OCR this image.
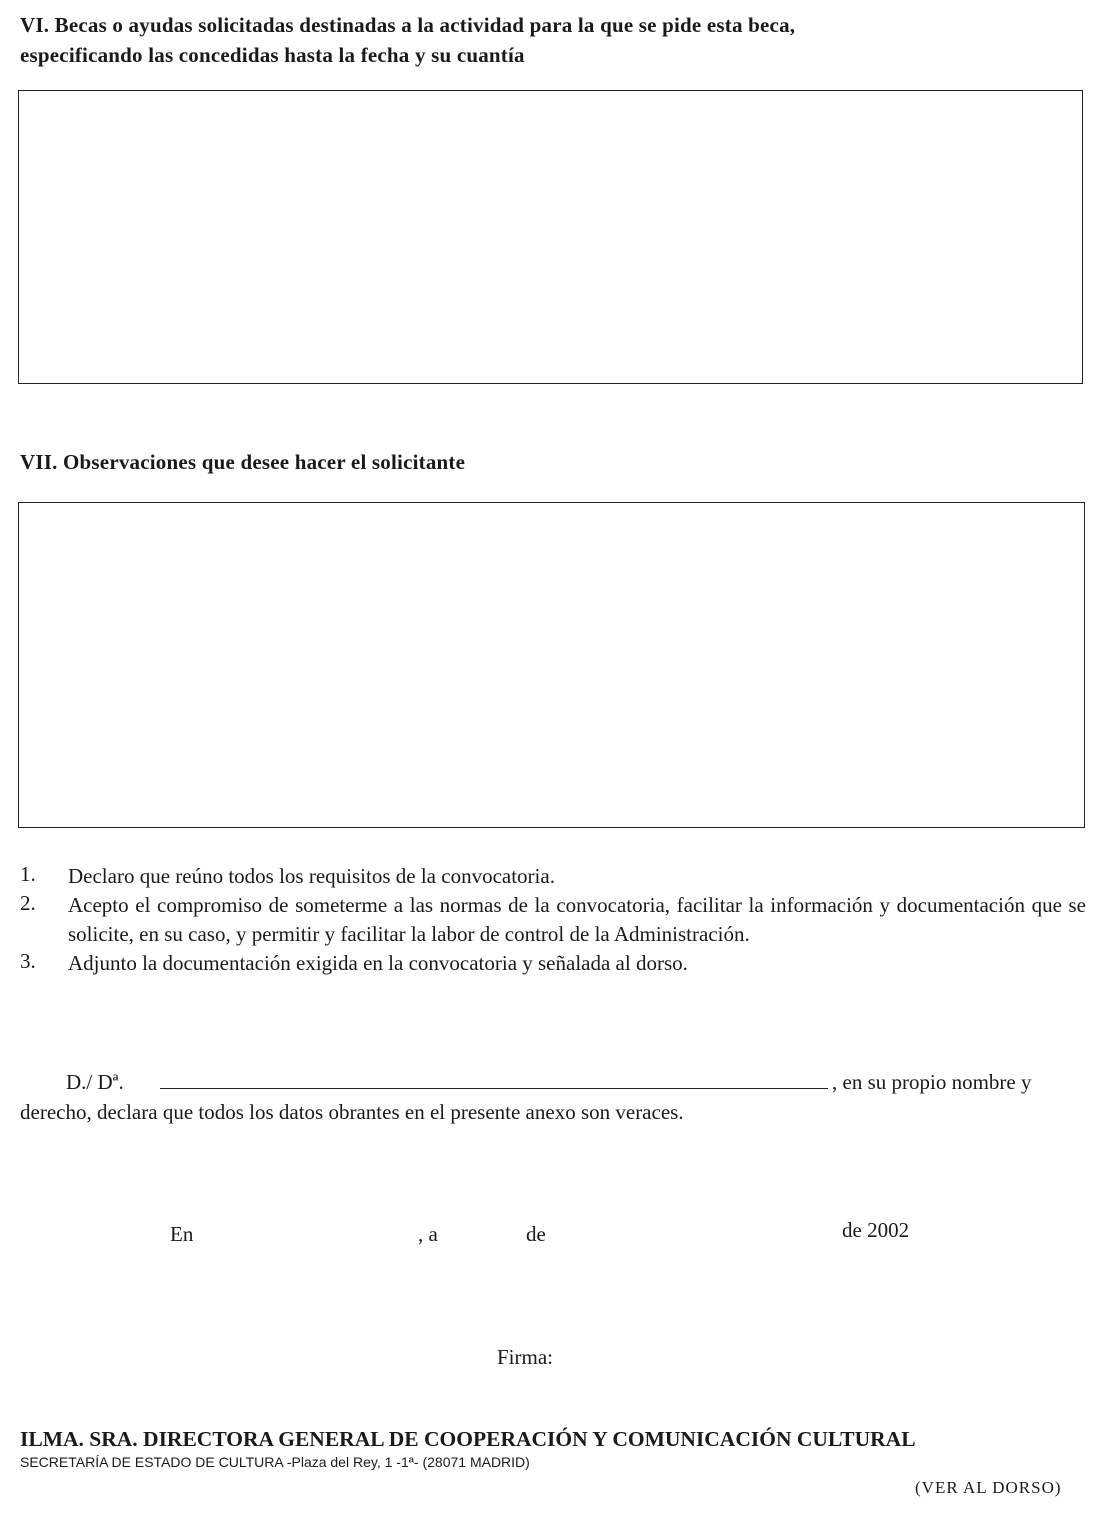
VI. Becas o ayudas solicitadas destinadas a la actividad para la que se pide esta beca,
especificando las concedidas hasta la fecha y su cuantía
VII. Observaciones que desee hacer el solicitante
1.	Declaro que reúno todos los requisitos de la convocatoria.
2.	Acepto el compromiso de someterme a las normas de la convocatoria, facilitar la información y documentación que se solicite, en su caso, y permitir y facilitar la labor de control de la Administración.
3.	Adjunto la documentación exigida en la convocatoria y señalada al dorso.
D./ Dª.	, en su propio nombre y
derecho, declara que todos los datos obrantes en el presente anexo son veraces.
En	, a	de	de 2002
Firma:
ILMA. SRA. DIRECTORA GENERAL DE COOPERACIÓN Y COMUNICACIÓN CULTURAL
SECRETARÍA DE ESTADO DE CULTURA -Plaza del Rey, 1 -1ª- (28071 MADRID)
(VER AL DORSO)
